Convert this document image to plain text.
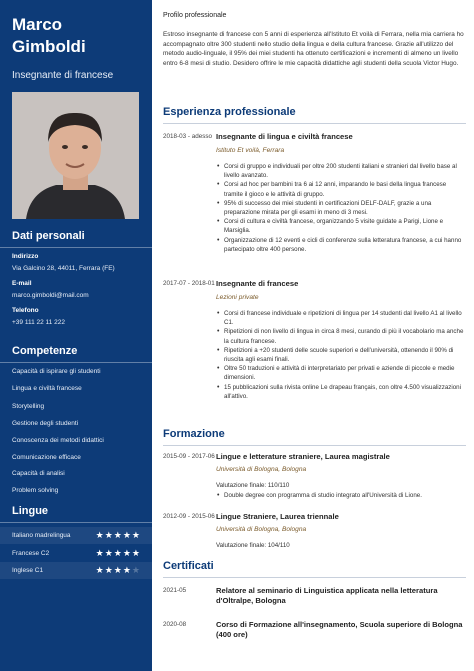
Marco
Gimboldi
Insegnante di francese
Dati personali
Indirizzo
Via Galcino 28, 44011, Ferrara (FE)
E-mail
marco.gimboldi@mail.com
Telefono
+39 111 22 11 222
Competenze
Capacità di ispirare gli studenti
Lingua e civiltà francese
Storytelling
Gestione degli studenti
Conoscenza dei metodi didattici
Comunicazione efficace
Capacità di analisi
Problem solving
Lingue
Italiano madrelingua	★ ★ ★ ★ ★
Francese C2	★ ★ ★ ★ ★
Inglese C1	★ ★ ★ ★ ★
Profilo professionale
Estroso insegnante di francese con 5 anni di esperienza all'Istituto Et voilà di Ferrara, nella mia carriera ho accompagnato oltre 300 studenti nello studio della lingua e della cultura francese. Grazie all'utilizzo del metodo audio-linguale, il 95% dei miei studenti ha ottenuto certificazioni e incrementi di almeno un livello entro 6-8 mesi di studio. Desidero offrire le mie capacità didattiche agli studenti della scuola Victor Hugo.
Esperienza professionale
2018-03 - adesso Insegnante di lingua e civiltà francese
Istituto Et voilà, Ferrara
• Corsi di gruppo e individuali per oltre 200 studenti italiani e stranieri dal livello base al livello avanzato.
• Corsi ad hoc per bambini tra 6 ai 12 anni, imparando le basi della lingua francese tramite il gioco e le attività di gruppo.
• 95% di successo dei miei studenti in certificazioni DELF-DALF, grazie a una preparazione mirata per gli esami in meno di 3 mesi.
• Corsi di cultura e civiltà francese, organizzando 5 visite guidate a Parigi, Lione e Marsiglia.
• Organizzazione di 12 eventi e cicli di conferenze sulla letteratura francese, a cui hanno partecipato oltre 400 persone.
2017-07 - 2018-01 Insegnante di francese
Lezioni private
• Corsi di francese individuale e ripetizioni di lingua per 14 studenti dal livello A1 al livello C1.
• Ripetizioni di non livello di lingua in circa 8 mesi, curando di più il vocabolario ma anche la cultura francese.
• Ripetizioni a +20 studenti delle scuole superiori e dell'università, ottenendo il 90% di riuscita agli esami finali.
• Oltre 50 traduzioni e attività di interpretariato per privati e aziende di piccole e medie dimensioni.
• 15 pubblicazioni sulla rivista online Le drapeau français, con oltre 4.500 visualizzazioni all'attivo.
Formazione
2015-09 - 2017-06 Lingue e letterature straniere, Laurea magistrale
Università di Bologna, Bologna
Valutazione finale: 110/110
• Double degree con programma di studio integrato all'Università di Lione.
2012-09 - 2015-06 Lingue Straniere, Laurea triennale
Università di Bologna, Bologna
Valutazione finale: 104/110
Certificati
2021-05	Relatore al seminario di Linguistica applicata nella letteratura d'Oltralpe, Bologna
2020-08	Corso di Formazione all'insegnamento, Scuola superiore di Bologna (400 ore)
